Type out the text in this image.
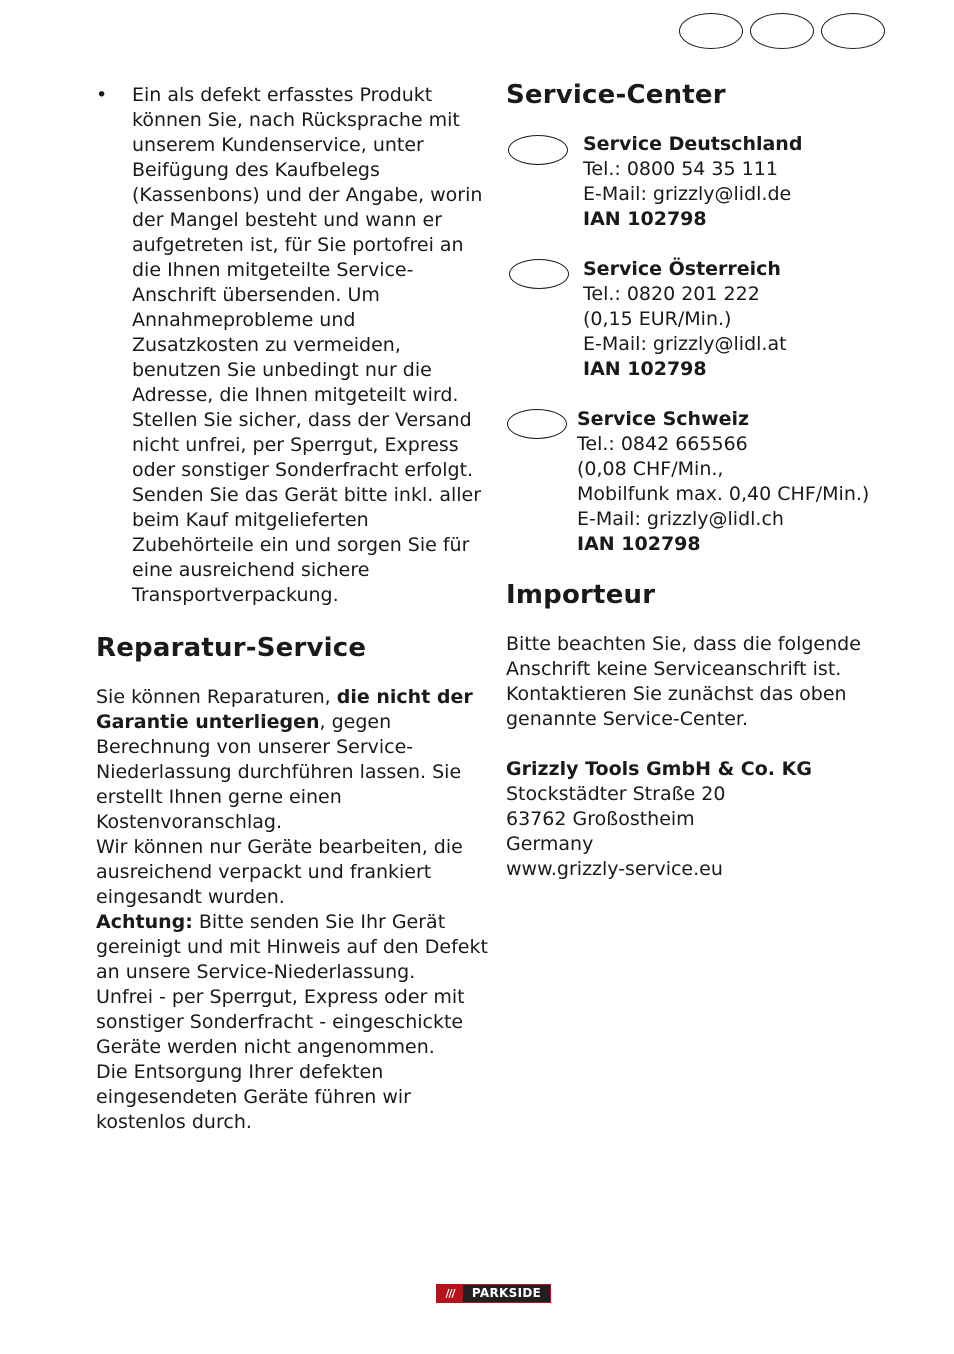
• Ein als defekt erfasstes Produkt können Sie, nach Rücksprache mit unserem Kundenservice, unter Beifügung des Kaufbelegs (Kassenbons) und der Angabe, worin der Mangel besteht und wann er aufgetreten ist, für Sie portofrei an die Ihnen mitgeteilte Service-Anschrift übersenden. Um Annahmeprobleme und Zusatzkosten zu vermeiden, benutzen Sie unbedingt nur die Adresse, die Ihnen mitgeteilt wird. Stellen Sie sicher, dass der Versand nicht unfrei, per Sperrgut, Express oder sonstiger Sonderfracht erfolgt. Senden Sie das Gerät bitte inkl. aller beim Kauf mitgelieferten Zubehörteile ein und sorgen Sie für eine ausreichend sichere Transportverpackung.

Reparatur-Service

Sie können Reparaturen, die nicht der Garantie unterliegen, gegen Berechnung von unserer Service-Niederlassung durchführen lassen. Sie erstellt Ihnen gerne einen Kostenvoranschlag.

Wir können nur Geräte bearbeiten, die ausreichend verpackt und frankiert eingesandt wurden.

Achtung: Bitte senden Sie Ihr Gerät gereinigt und mit Hinweis auf den Defekt an unsere Service-Niederlassung.

Unfrei - per Sperrgut, Express oder mit sonstiger Sonderfracht - eingeschickte Geräte werden nicht angenommen.

Die Entsorgung Ihrer defekten eingesendeten Geräte führen wir kostenlos durch.

Service-Center

Service Deutschland

Tel.: 0800 54 35 111

E-Mail: grizzly@lidl.de

IAN 102798

Service Österreich

Tel.: 0820 201 222

(0,15 EUR/Min.)

E-Mail: grizzly@lidl.at

IAN 102798

Service Schweiz

Tel.: 0842 665566

(0,08 CHF/Min.,

Mobilfunk max. 0,40 CHF/Min.)

E-Mail: grizzly@lidl.ch

IAN 102798

Importeur

Bitte beachten Sie, dass die folgende Anschrift keine Serviceanschrift ist. Kontaktieren Sie zunächst das oben genannte Service-Center.

Grizzly Tools GmbH & Co. KG

Stockstädter Straße 20

63762 Großostheim

Germany

www.grizzly-service.eu

///	PARKSIDE
